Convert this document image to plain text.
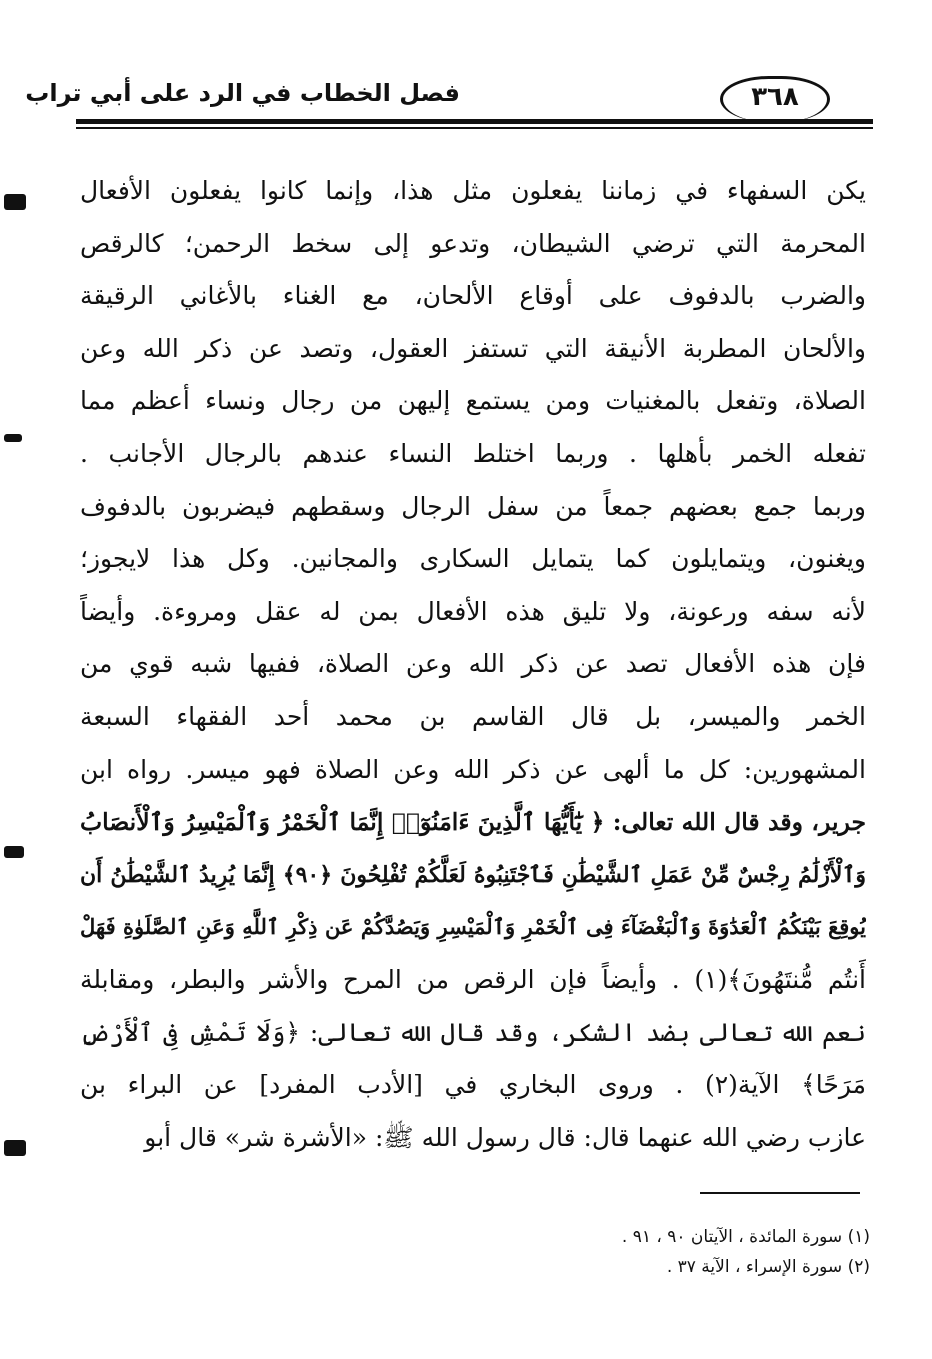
فصل الخطاب في الرد على أبي تراب	٣٦٨
يكن السفهاء في زماننا يفعلون مثل هذا، وإنما كانوا يفعلون الأفعال
المحرمة التي ترضي الشيطان، وتدعو إلى سخط الرحمن؛ كالرقص
والضرب بالدفوف على أوقاع الألحان، مع الغناء بالأغاني الرقيقة
والألحان المطربة الأنيقة التي تستفز العقول، وتصد عن ذكر الله وعن
الصلاة، وتفعل بالمغنيات ومن يستمع إليهن من رجال ونساء أعظم مما
تفعله الخمر بأهلها . وربما اختلط النساء عندهم بالرجال الأجانب .
وربما جمع بعضهم جمعاً من سفل الرجال وسقطهم فيضربون بالدفوف
ويغنون، ويتمايلون كما يتمايل السكارى والمجانين. وكل هذا لايجوز؛
لأنه سفه ورعونة، ولا تليق هذه الأفعال بمن له عقل ومروءة. وأيضاً
فإن هذه الأفعال تصد عن ذكر الله وعن الصلاة، ففيها شبه قوي من
الخمر والميسر، بل قال القاسم بن محمد أحد الفقهاء السبعة
المشهورين: كل ما ألهى عن ذكر الله وعن الصلاة فهو ميسر. رواه ابن
جرير، وقد قال الله تعالى: ﴿ يَٰٓأَيُّهَا ٱلَّذِينَ ءَامَنُوٓا۟ إِنَّمَا ٱلْخَمْرُ وَٱلْمَيْسِرُ وَٱلْأَنصَابُ
وَٱلْأَزْلَٰمُ رِجْسٌ مِّنْ عَمَلِ ٱلشَّيْطَٰنِ فَٱجْتَنِبُوهُ لَعَلَّكُمْ تُفْلِحُونَ ﴿٩٠﴾ إِنَّمَا يُرِيدُ ٱلشَّيْطَٰنُ أَن
يُوقِعَ بَيْنَكُمُ ٱلْعَدَٰوَةَ وَٱلْبَغْضَآءَ فِى ٱلْخَمْرِ وَٱلْمَيْسِرِ وَيَصُدَّكُمْ عَن ذِكْرِ ٱللَّهِ وَعَنِ ٱلصَّلَوٰةِ فَهَلْ
أَنتُم مُّنتَهُونَ﴾(١) . وأيضاً فإن الرقص من المرح والأشر والبطر، ومقابلة
نعم الله تعالى بضد الشكر، وقد قال الله تعالى: ﴿وَلَا تَمْشِ فِى ٱلْأَرْضِ
مَرَحًا﴾ الآية(٢) . وروى البخاري في [الأدب المفرد] عن البراء بن
عازب رضي الله عنهما قال: قال رسول الله ﷺ: «الأشرة شر» قال أبو
(١) سورة المائدة ، الآيتان ٩٠ ، ٩١ .
(٢) سورة الإسراء ، الآية ٣٧ .
